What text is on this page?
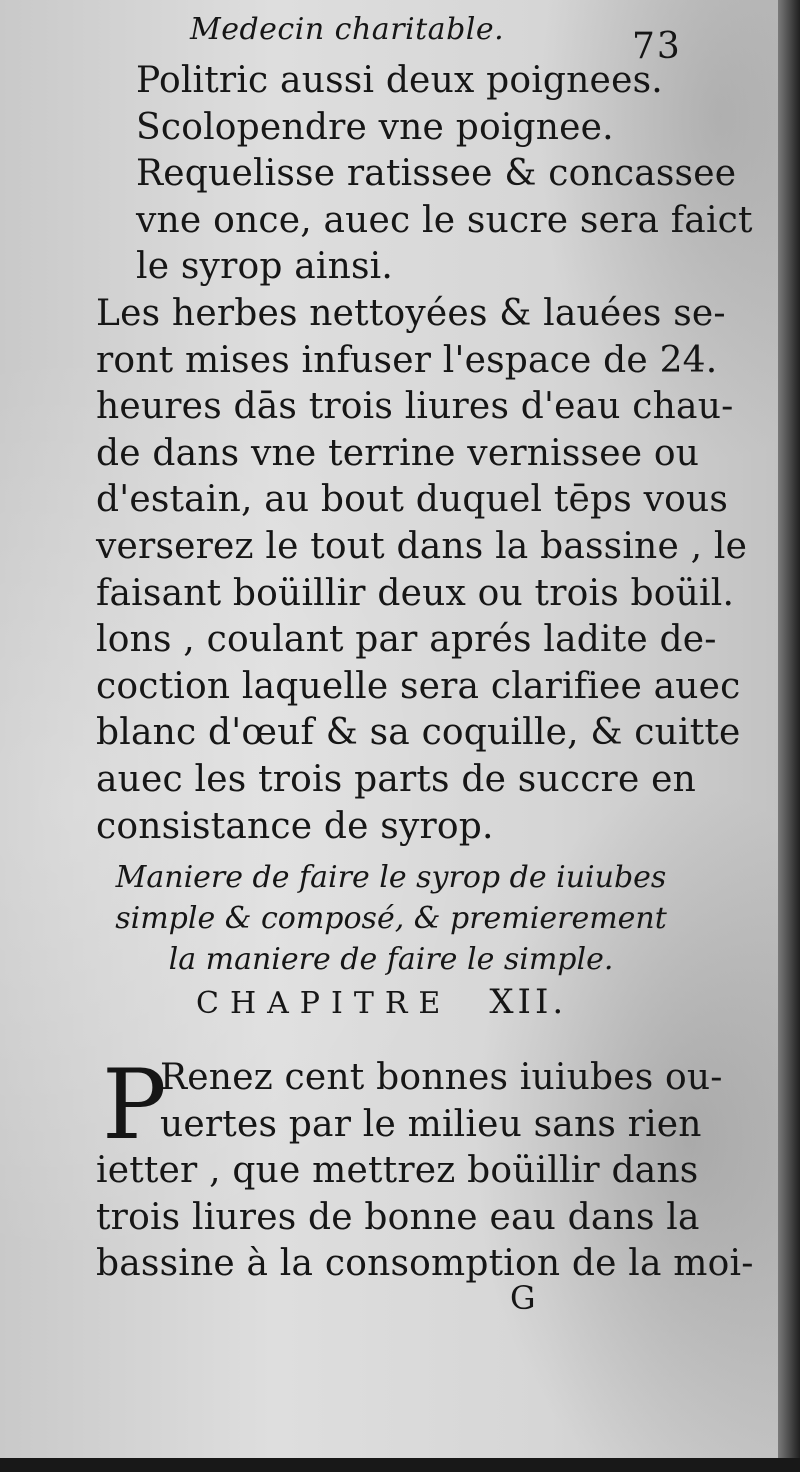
Medecin charitable.	73
Politric aussi deux poignees.
Scolopendre vne poignee.
Requelisse ratissee & concassee
vne once, auec le sucre sera faict
le syrop ainsi.
Les herbes nettoyées & lauées se-
ront mises infuser l'espace de 24.
heures dās trois liures d'eau chau-
de dans vne terrine vernissee ou
d'estain, au bout duquel tēps vous
verserez le tout dans la bassine , le
faisant boüillir deux ou trois boüil.
lons , coulant par aprés ladite de-
coction laquelle sera clarifiee auec
blanc d'œuf & sa coquille, & cuitte
auec les trois parts de succre en
consistance de syrop.
Maniere de faire le syrop de iuiubes
simple & composé, & premierement
la maniere de faire le simple.
CHAPITRE XII.
P
Renez cent bonnes iuiubes ou-
uertes par le milieu sans rien
ietter , que mettrez boüillir dans
trois liures de bonne eau dans la
bassine à la consomption de la moi-
G
